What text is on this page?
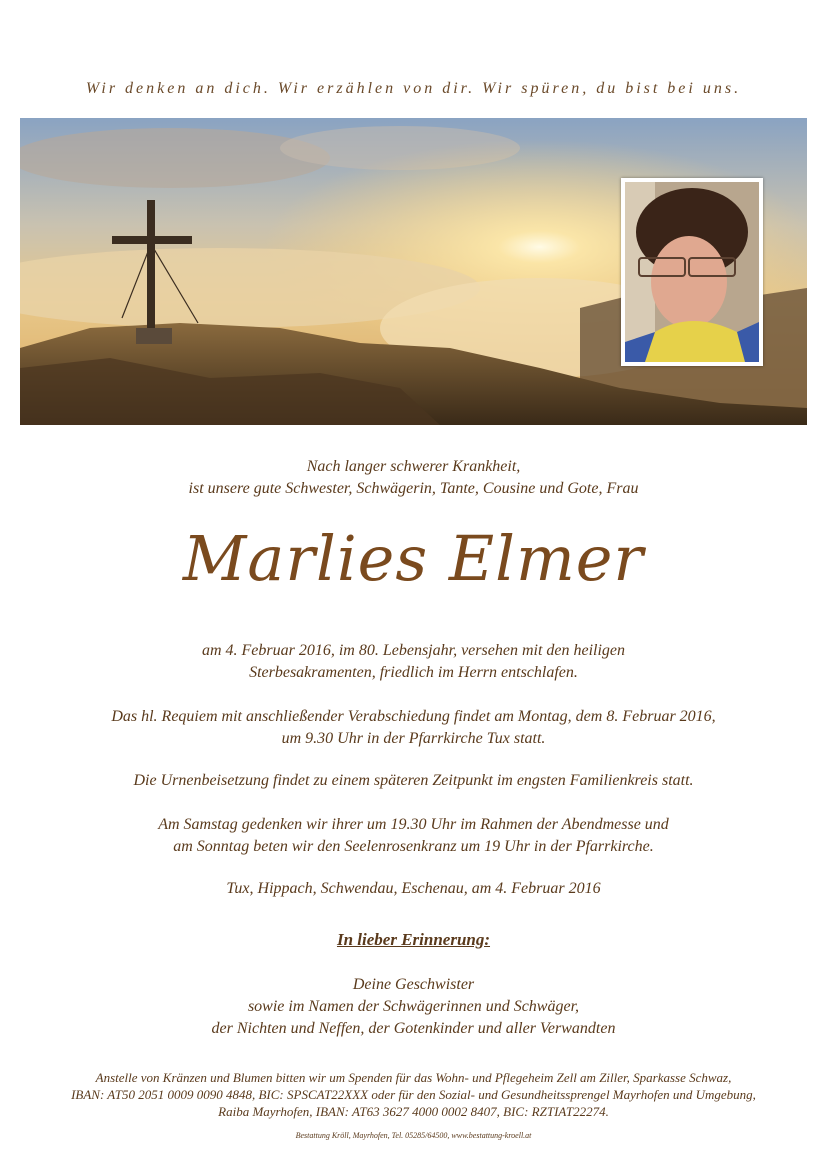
Wir denken an dich. Wir erzählen von dir. Wir spüren, du bist bei uns.
Nach langer schwerer Krankheit,
ist unsere gute Schwester, Schwägerin, Tante, Cousine und Gote, Frau
Marlies Elmer
am 4. Februar 2016, im 80. Lebensjahr, versehen mit den heiligen
Sterbesakramenten, friedlich im Herrn entschlafen.
Das hl. Requiem mit anschließender Verabschiedung findet am Montag, dem 8. Februar 2016,
um 9.30 Uhr in der Pfarrkirche Tux statt.
Die Urnenbeisetzung findet zu einem späteren Zeitpunkt im engsten Familienkreis statt.
Am Samstag gedenken wir ihrer um 19.30 Uhr im Rahmen der Abendmesse und
am Sonntag beten wir den Seelenrosenkranz um 19 Uhr in der Pfarrkirche.
Tux, Hippach, Schwendau, Eschenau, am 4. Februar 2016
In lieber Erinnerung:
Deine Geschwister
sowie im Namen der Schwägerinnen und Schwäger,
der Nichten und Neffen, der Gotenkinder und aller Verwandten
Anstelle von Kränzen und Blumen bitten wir um Spenden für das Wohn- und Pflegeheim Zell am Ziller, Sparkasse Schwaz,
IBAN: AT50 2051 0009 0090 4848, BIC: SPSCAT22XXX oder für den Sozial- und Gesundheitssprengel Mayrhofen und Umgebung,
Raiba Mayrhofen, IBAN: AT63 3627 4000 0002 8407, BIC: RZTIAT22274.
Bestattung Kröll, Mayrhofen, Tel. 05285/64500, www.bestattung-kroell.at
